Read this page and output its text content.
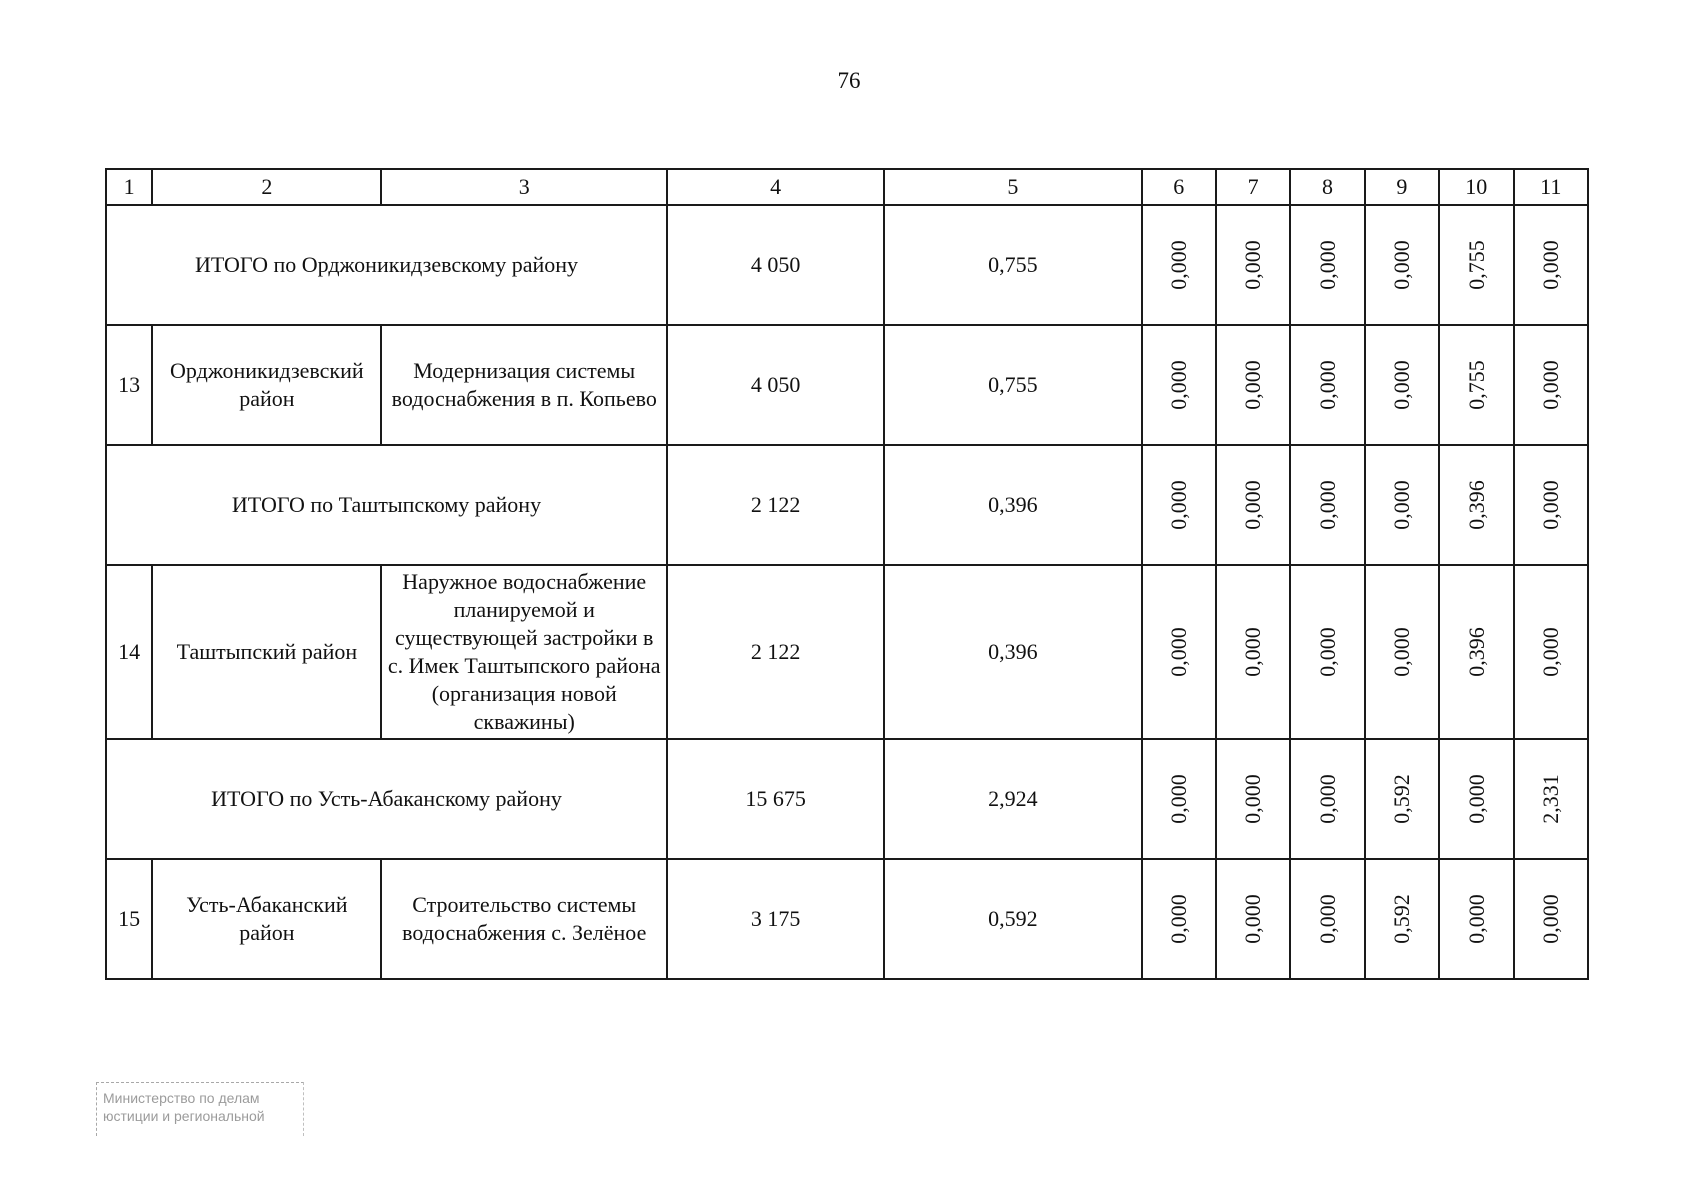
76
1	2	3	4	5	6	7	8	9	10	11
ИТОГО по Орджоникидзевскому району			4 050	0,755	0,000	0,000	0,000	0,000	0,755	0,000
13	Орджоникидзевский район	Модернизация системы водоснабжения в п. Копьево	4 050	0,755	0,000	0,000	0,000	0,000	0,755	0,000
ИТОГО по Таштыпскому району			2 122	0,396	0,000	0,000	0,000	0,000	0,396	0,000
14	Таштыпский район	Наружное водоснабжение планируемой и существующей застройки в с. Имек Таштыпского района (организация новой скважины)	2 122	0,396	0,000	0,000	0,000	0,000	0,396	0,000
ИТОГО по Усть-Абаканскому району			15 675	2,924	0,000	0,000	0,000	0,592	0,000	2,331
15	Усть-Абаканский район	Строительство системы водоснабжения с. Зелёное	3 175	0,592	0,000	0,000	0,000	0,592	0,000	0,000
Министерство по делам
юстиции и региональной
